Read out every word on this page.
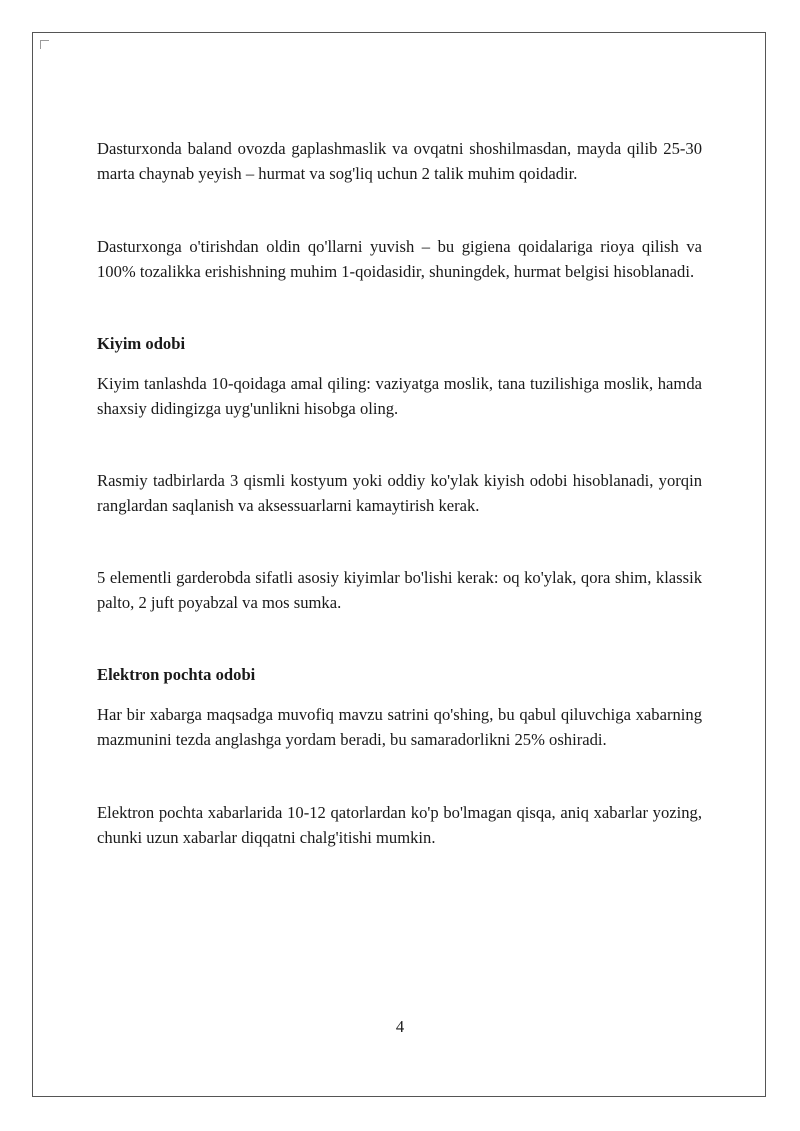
Dasturxonda baland ovozda gaplashmaslik va ovqatni shoshilmasdan, mayda qilib 25-30 marta chaynab yeyish – hurmat va sog'liq uchun 2 talik muhim qoidadir.

Dasturxonga o'tirishdan oldin qo'llarni yuvish – bu gigiena qoidalariga rioya qilish va 100% tozalikka erishishning muhim 1-qoidasidir, shuningdek, hurmat belgisi hisoblanadi.

Kiyim odobi

Kiyim tanlashda 10-qoidaga amal qiling: vaziyatga moslik, tana tuzilishiga moslik, hamda shaxsiy didingizga uyg'unlikni hisobga oling.

Rasmiy tadbirlarda 3 qismli kostyum yoki oddiy ko'ylak kiyish odobi hisoblanadi, yorqin ranglardan saqlanish va aksessuarlarni kamaytirish kerak.

5 elementli garderobda sifatli asosiy kiyimlar bo'lishi kerak: oq ko'ylak, qora shim, klassik palto, 2 juft poyabzal va mos sumka.

Elektron pochta odobi

Har bir xabarga maqsadga muvofiq mavzu satrini qo'shing, bu qabul qiluvchiga xabarning mazmunini tezda anglashga yordam beradi, bu samaradorlikni 25% oshiradi.

Elektron pochta xabarlarida 10-12 qatorlardan ko'p bo'lmagan qisqa, aniq xabarlar yozing, chunki uzun xabarlar diqqatni chalg'itishi mumkin.

4
